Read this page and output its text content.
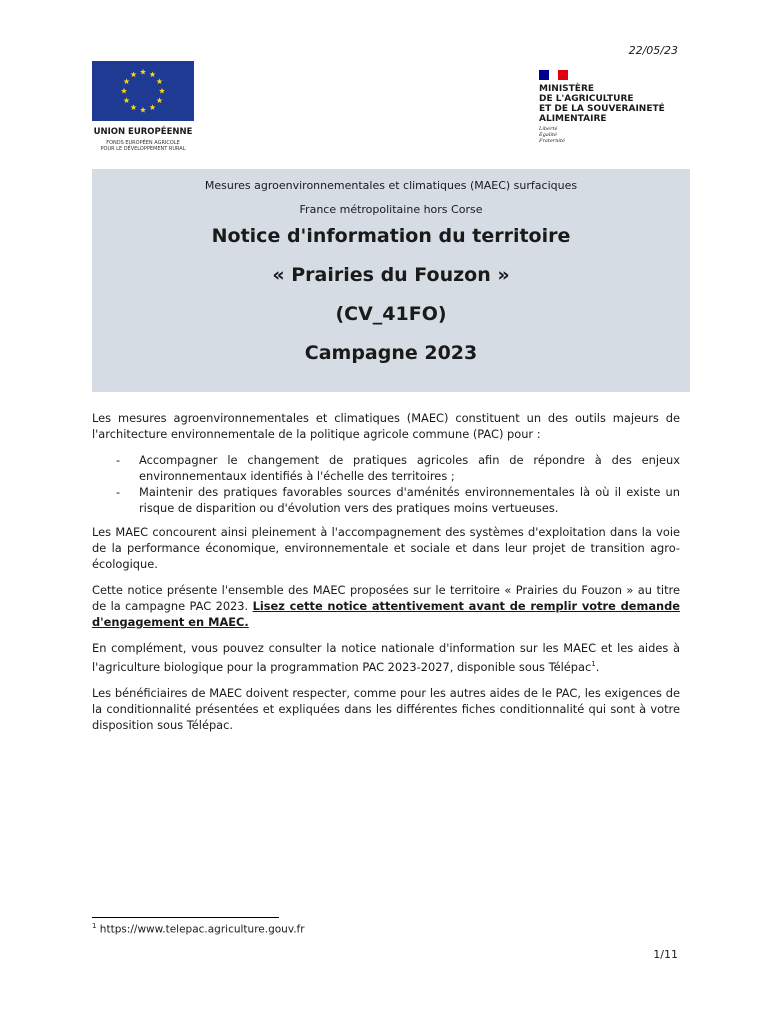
22/05/23
UNION EUROPÉENNE
FONDS EUROPÉEN AGRICOLE
POUR LE DÉVELOPPEMENT RURAL
MINISTÈRE
DE L'AGRICULTURE
ET DE LA SOUVERAINETÉ
ALIMENTAIRE
Liberté
Égalité
Fraternité
Mesures agroenvironnementales et climatiques (MAEC) surfaciques
France métropolitaine hors Corse
Notice d'information du territoire
« Prairies du Fouzon »
(CV_41FO)
Campagne 2023

Les mesures agroenvironnementales et climatiques (MAEC) constituent un des outils majeurs de l'architecture environnementale de la politique agricole commune (PAC) pour :

- Accompagner le changement de pratiques agricoles afin de répondre à des enjeux environnementaux identifiés à l'échelle des territoires ;
- Maintenir des pratiques favorables sources d'aménités environnementales là où il existe un risque de disparition ou d'évolution vers des pratiques moins vertueuses.

Les MAEC concourent ainsi pleinement à l'accompagnement des systèmes d'exploitation dans la voie de la performance économique, environnementale et sociale et dans leur projet de transition agro-écologique.

Cette notice présente l'ensemble des MAEC proposées sur le territoire « Prairies du Fouzon » au titre de la campagne PAC 2023. Lisez cette notice attentivement avant de remplir votre demande d'engagement en MAEC.

En complément, vous pouvez consulter la notice nationale d'information sur les MAEC et les aides à l'agriculture biologique pour la programmation PAC 2023-2027, disponible sous Télépac$^1$.

Les bénéficiaires de MAEC doivent respecter, comme pour les autres aides de le PAC, les exigences de la conditionnalité présentées et expliquées dans les différentes fiches conditionnalité qui sont à votre disposition sous Télépac.

$^1$ https://www.telepac.agriculture.gouv.fr
1/11
